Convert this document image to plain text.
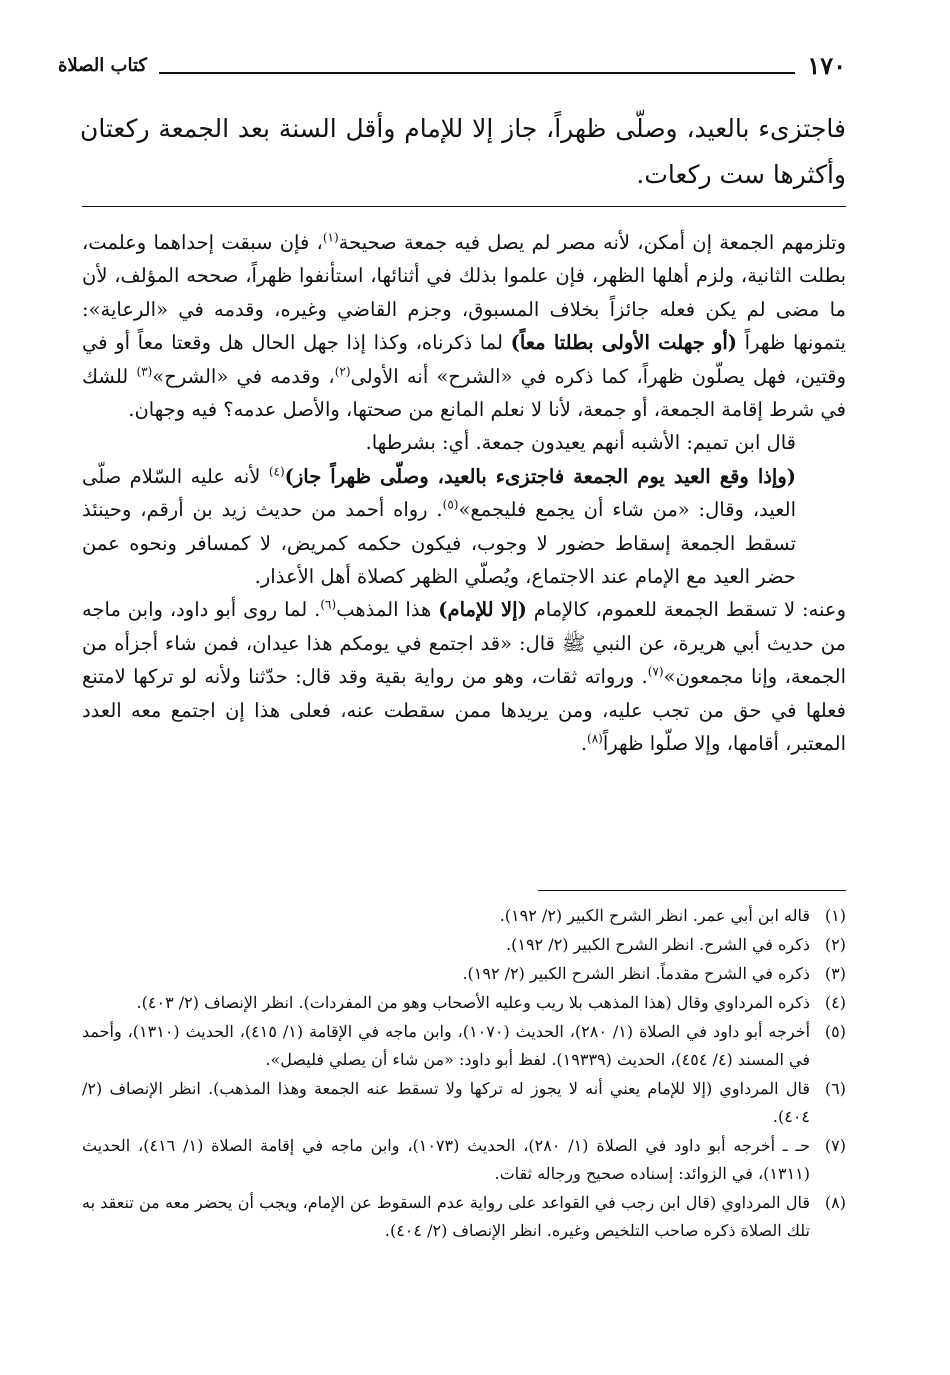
١٧٠
كتاب الصلاة

فاجتزىء بالعيد، وصلّى ظهراً، جاز إلا للإمام وأقل السنة بعد الجمعة ركعتان وأكثرها ست ركعات.

وتلزمهم الجمعة إن أمكن، لأنه مصر لم يصل فيه جمعة صحيحة$^{(١)}$، فإن سبقت إحداهما وعلمت، بطلت الثانية، ولزم أهلها الظهر، فإن علموا بذلك في أثنائها، استأنفوا ظهراً، صححه المؤلف، لأن ما مضى لم يكن فعله جائزاً بخلاف المسبوق، وجزم القاضي وغيره، وقدمه في «الرعاية»: يتمونها ظهراً (أو جهلت الأولى بطلتا معاً) لما ذكرناه، وكذا إذا جهل الحال هل وقعتا معاً أو في وقتين، فهل يصلّون ظهراً، كما ذكره في «الشرح» أنه الأولى$^{(٢)}$، وقدمه في «الشرح»$^{(٣)}$ للشك في شرط إقامة الجمعة، أو جمعة، لأنا لا نعلم المانع من صحتها، والأصل عدمه؟ فيه وجهان.

قال ابن تميم: الأشبه أنهم يعيدون جمعة. أي: بشرطها.

(وإذا وقع العيد يوم الجمعة فاجتزىء بالعيد، وصلّى ظهراً جاز)$^{(٤)}$ لأنه عليه السّلام صلّى العيد، وقال: «من شاء أن يجمع فليجمع»$^{(٥)}$. رواه أحمد من حديث زيد بن أرقم، وحينئذ تسقط الجمعة إسقاط حضور لا وجوب، فيكون حكمه كمريض، لا كمسافر ونحوه عمن حضر العيد مع الإمام عند الاجتماع، ويُصلّي الظهر كصلاة أهل الأعذار.

وعنه: لا تسقط الجمعة للعموم، كالإمام (إلا للإمام) هذا المذهب$^{(٦)}$. لما روى أبو داود، وابن ماجه من حديث أبي هريرة، عن النبي ﷺ قال: «قد اجتمع في يومكم هذا عيدان، فمن شاء أجزأه من الجمعة، وإنا مجمعون»$^{(٧)}$. ورواته ثقات، وهو من رواية بقية وقد قال: حدّثنا ولأنه لو تركها لامتنع فعلها في حق من تجب عليه، ومن يريدها ممن سقطت عنه، فعلى هذا إن اجتمع معه العدد المعتبر، أقامها، وإلا صلّوا ظهراً$^{(٨)}$.

(١)
قاله ابن أبي عمر. انظر الشرح الكبير (٢/ ١٩٢).
(٢)
ذكره في الشرح. انظر الشرح الكبير (٢/ ١٩٢).
(٣)
ذكره في الشرح مقدماً. انظر الشرح الكبير (٢/ ١٩٢).
(٤)
ذكره المرداوي وقال (هذا المذهب بلا ريب وعليه الأصحاب وهو من المفردات). انظر الإنصاف (٢/ ٤٠٣).
(٥)
أخرجه أبو داود في الصلاة (١/ ٢٨٠)، الحديث (١٠٧٠)، وابن ماجه في الإقامة (١/ ٤١٥)، الحديث (١٣١٠)، وأحمد في المسند (٤/ ٤٥٤)، الحديث (١٩٣٣٩). لفظ أبو داود: «من شاء أن يصلي فليصل».
(٦)
قال المرداوي (إلا للإمام يعني أنه لا يجوز له تركها ولا تسقط عنه الجمعة وهذا المذهب). انظر الإنصاف (٢/ ٤٠٤).
(٧)
حـ ـ أخرجه أبو داود في الصلاة (١/ ٢٨٠)، الحديث (١٠٧٣)، وابن ماجه في إقامة الصلاة (١/ ٤١٦)، الحديث (١٣١١)، في الزوائد: إسناده صحيح ورجاله ثقات.
(٨)
قال المرداوي (قال ابن رجب في القواعد على رواية عدم السقوط عن الإمام، ويجب أن يحضر معه من تنعقد به تلك الصلاة ذكره صاحب التلخيص وغيره. انظر الإنصاف (٢/ ٤٠٤).
